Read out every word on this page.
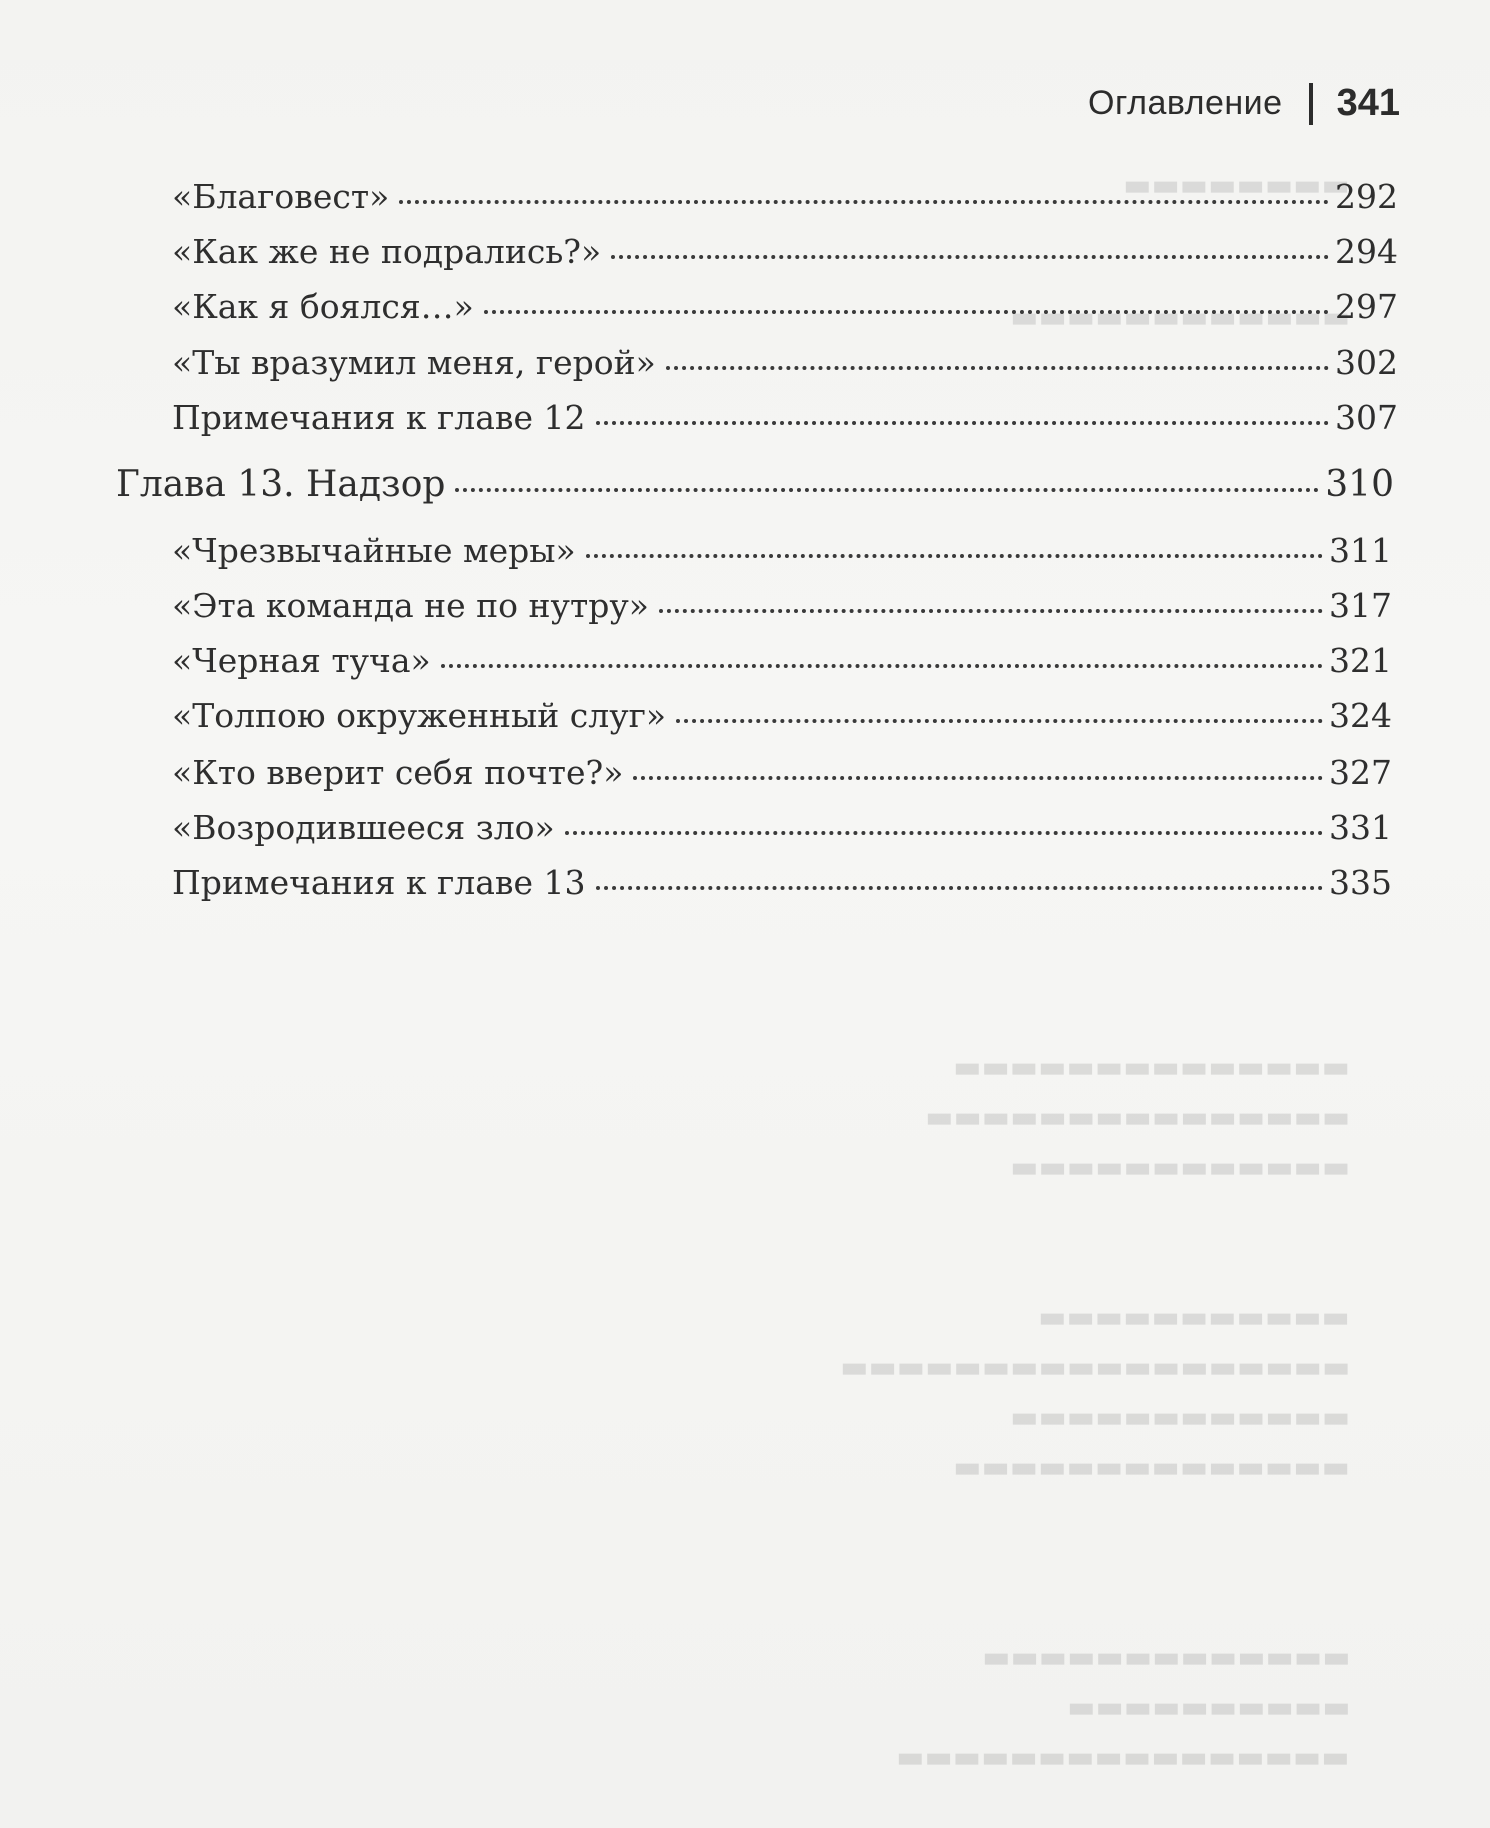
▬▬▬▬▬▬▬▬
▬▬▬▬▬▬▬▬▬▬▬▬
▬▬▬▬▬▬▬▬▬▬▬▬▬▬
▬▬▬▬▬▬▬▬▬▬▬▬▬▬▬
▬▬▬▬▬▬▬▬▬▬▬▬
▬▬▬▬▬▬▬▬▬▬▬
▬▬▬▬▬▬▬▬▬▬▬▬▬▬▬▬▬▬
▬▬▬▬▬▬▬▬▬▬▬▬
▬▬▬▬▬▬▬▬▬▬▬▬▬▬
▬▬▬▬▬▬▬▬▬▬▬▬▬
▬▬▬▬▬▬▬▬▬▬
▬▬▬▬▬▬▬▬▬▬▬▬▬▬▬▬
Оглавление 341
«Благовест»	292
«Как же не подрались?»	294
«Как я боялся…»	297
«Ты вразумил меня, герой»	302
Примечания к главе 12	307
Глава 13. Надзор	310
«Чрезвычайные меры»	311
«Эта команда не по нутру»	317
«Черная туча»	321
«Толпою окруженный слуг»	324
«Кто вверит себя почте?»	327
«Возродившееся зло»	331
Примечания к главе 13	335
